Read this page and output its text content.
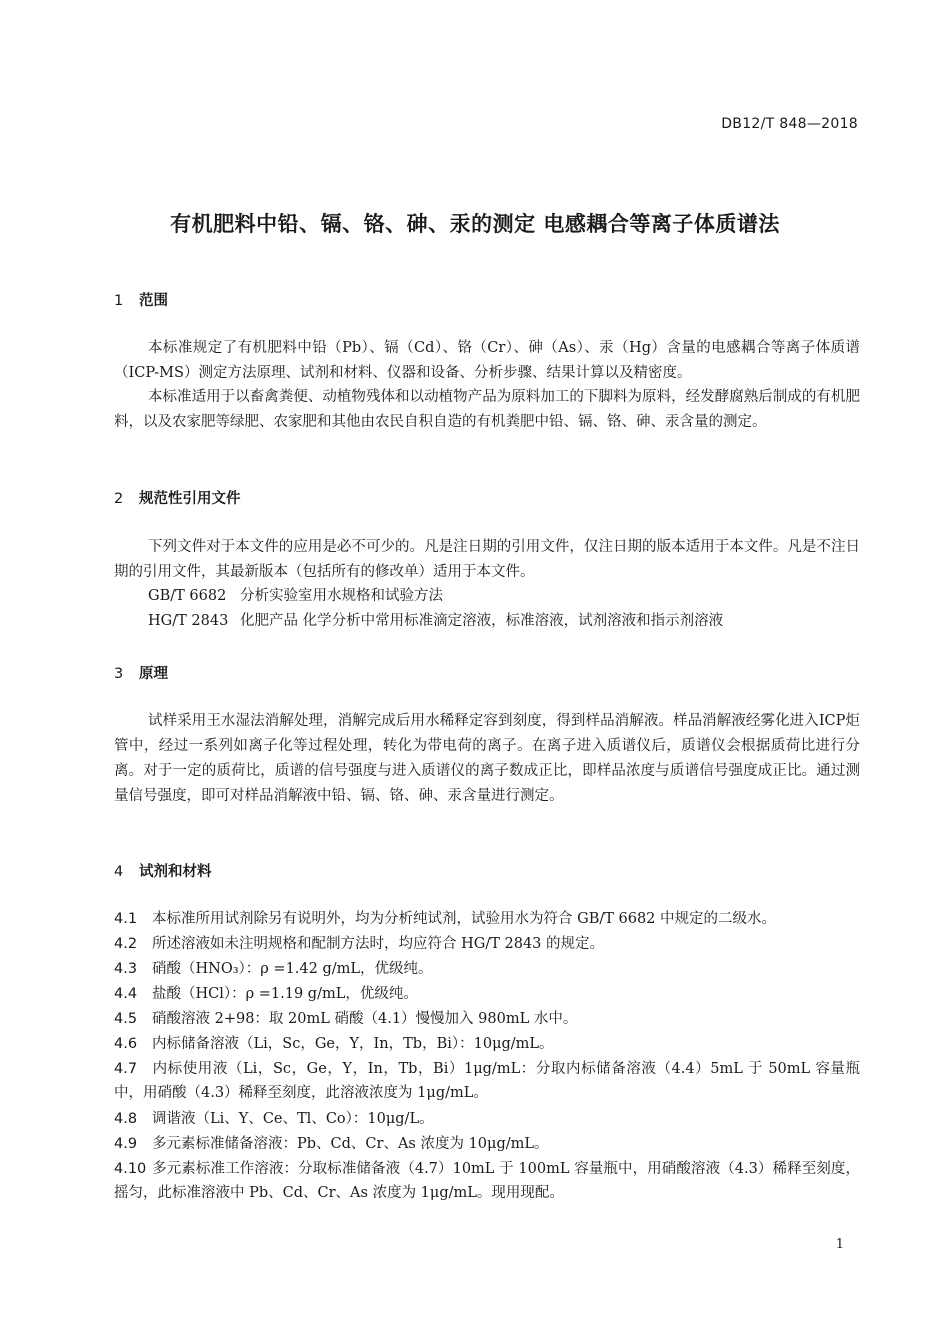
DB12/T 848—2018
有机肥料中铅、镉、铬、砷、汞的测定 电感耦合等离子体质谱法
1 范围

本标准规定了有机肥料中铅（Pb）、镉（Cd）、铬（Cr）、砷（As）、汞（Hg）含量的电感耦合等离子体质谱（ICP-MS）测定方法原理、试剂和材料、仪器和设备、分析步骤、结果计算以及精密度。

本标准适用于以畜禽粪便、动植物残体和以动植物产品为原料加工的下脚料为原料，经发酵腐熟后制成的有机肥料，以及农家肥等绿肥、农家肥和其他由农民自积自造的有机粪肥中铅、镉、铬、砷、汞含量的测定。

2 规范性引用文件

下列文件对于本文件的应用是必不可少的。凡是注日期的引用文件，仅注日期的版本适用于本文件。凡是不注日期的引用文件，其最新版本（包括所有的修改单）适用于本文件。

GB/T 6682 分析实验室用水规格和试验方法
HG/T 2843 化肥产品 化学分析中常用标准滴定溶液，标准溶液，试剂溶液和指示剂溶液
3 原理

试样采用王水湿法消解处理，消解完成后用水稀释定容到刻度，得到样品消解液。样品消解液经雾化进入ICP炬管中，经过一系列如离子化等过程处理，转化为带电荷的离子。在离子进入质谱仪后，质谱仪会根据质荷比进行分离。对于一定的质荷比，质谱的信号强度与进入质谱仪的离子数成正比，即样品浓度与质谱信号强度成正比。通过测量信号强度，即可对样品消解液中铅、镉、铬、砷、汞含量进行测定。

4 试剂和材料

4.1 本标准所用试剂除另有说明外，均为分析纯试剂，试验用水为符合 GB/T 6682 中规定的二级水。

4.2 所述溶液如未注明规格和配制方法时，均应符合 HG/T 2843 的规定。

4.3 硝酸（HNO₃）：ρ =1.42 g/mL，优级纯。

4.4 盐酸（HCl）：ρ =1.19 g/mL，优级纯。

4.5 硝酸溶液 2+98：取 20mL 硝酸（4.1）慢慢加入 980mL 水中。

4.6 内标储备溶液（Li，Sc，Ge，Y，In，Tb，Bi）：10μg/mL。

4.7 内标使用液（Li，Sc，Ge，Y，In，Tb，Bi）1μg/mL：分取内标储备溶液（4.4）5mL 于 50mL 容量瓶中，用硝酸（4.3）稀释至刻度，此溶液浓度为 1μg/mL。

4.8 调谐液（Li、Y、Ce、Tl、Co）：10μg/L。

4.9 多元素标准储备溶液：Pb、Cd、Cr、As 浓度为 10μg/mL。

4.10 多元素标准工作溶液：分取标准储备液（4.7）10mL 于 100mL 容量瓶中，用硝酸溶液（4.3）稀释至刻度，摇匀，此标准溶液中 Pb、Cd、Cr、As 浓度为 1μg/mL。现用现配。

1
